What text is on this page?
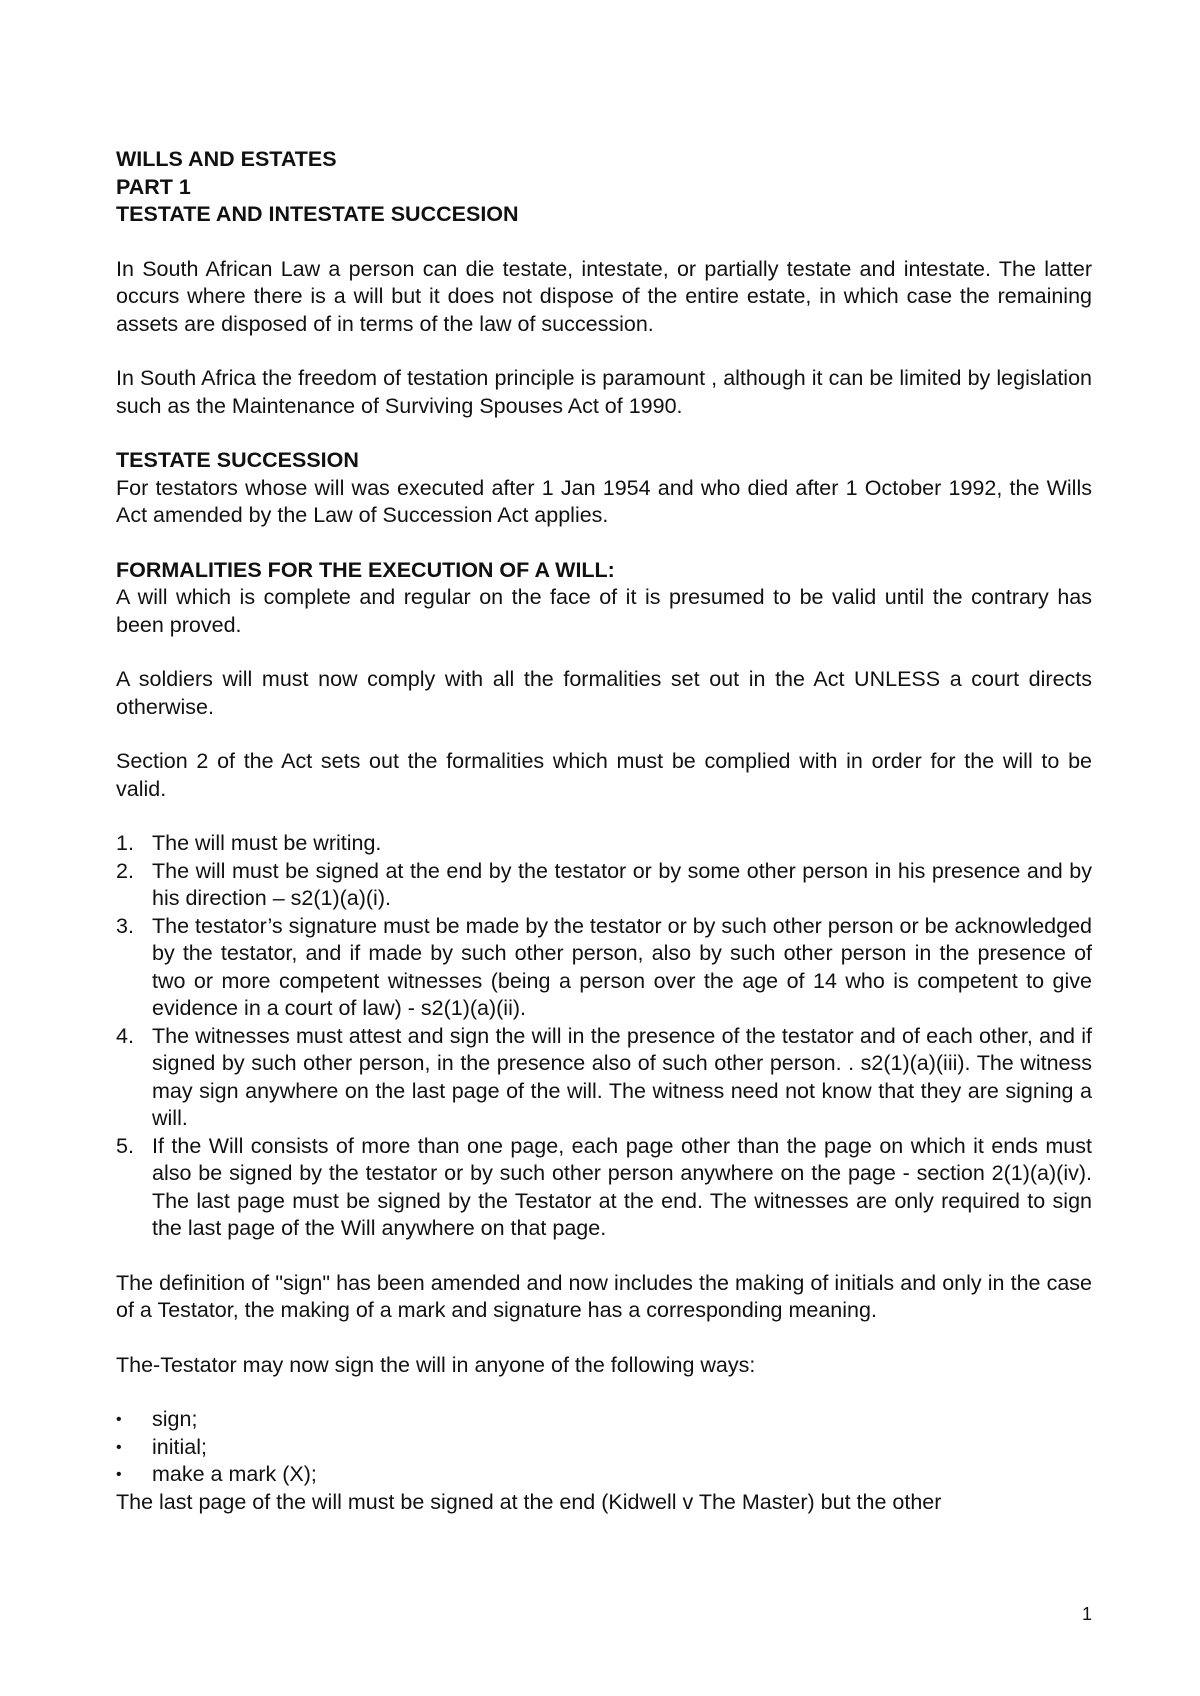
WILLS AND ESTATES
PART 1
TESTATE AND INTESTATE SUCCESION

In South African Law a person can die testate, intestate, or partially testate and intestate. The latter occurs where there is a will but it does not dispose of the entire estate, in which case the remaining assets are disposed of in terms of the law of succession.

In South Africa the freedom of testation principle is paramount , although it can be limited by legislation such as the Maintenance of Surviving Spouses Act of 1990.

TESTATE SUCCESSION
For testators whose will was executed after 1 Jan 1954 and who died after 1 October 1992, the Wills Act amended by the Law of Succession Act applies.
FORMALITIES FOR THE EXECUTION OF A WILL:
A will which is complete and regular on the face of it is presumed to be valid until the contrary has been proved.

A soldiers will must now comply with all the formalities set out in the Act UNLESS a court directs otherwise.

Section 2 of the Act sets out the formalities which must be complied with in order for the will to be valid.

1. The will must be writing.
2. The will must be signed at the end by the testator or by some other person in his presence and by his direction – s2(1)(a)(i).
3. The testator’s signature must be made by the testator or by such other person or be acknowledged by the testator, and if made by such other person, also by such other person in the presence of two or more competent witnesses (being a person over the age of 14 who is competent to give evidence in a court of law) - s2(1)(a)(ii).
4. The witnesses must attest and sign the will in the presence of the testator and of each other, and if signed by such other person, in the presence also of such other person. . s2(1)(a)(iii). The witness may sign anywhere on the last page of the will. The witness need not know that they are signing a will.
5. If the Will consists of more than one page, each page other than the page on which it ends must also be signed by the testator or by such other person anywhere on the page - section 2(1)(a)(iv). The last page must be signed by the Testator at the end. The witnesses are only required to sign the last page of the Will anywhere on that page.

The definition of "sign" has been amended and now includes the making of initials and only in the case of a Testator, the making of a mark and signature has a corresponding meaning.

The-Testator may now sign the will in anyone of the following ways:

• sign;
• initial;
• make a mark (X);
The last page of the will must be signed at the end (Kidwell v The Master) but the other
1
